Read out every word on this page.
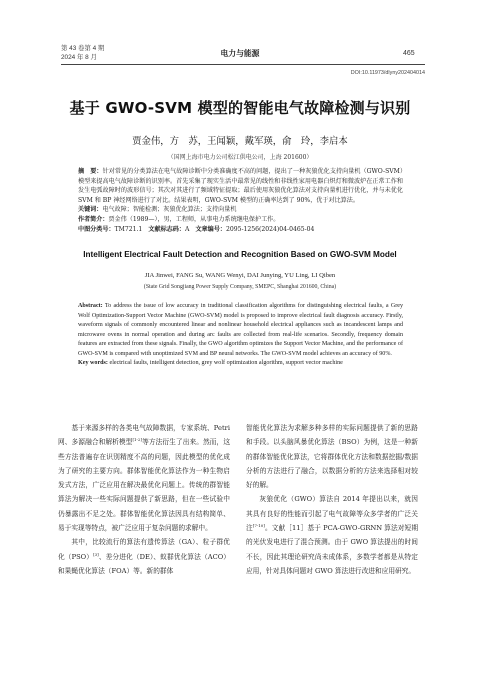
第 43 卷第 4 期
2024 年 8 月	电力与能源	465
DOI:10.11973/dlyny202404014
基于 GWO-SVM 模型的智能电气故障检测与识别
贾金伟，方　苏，王闻颖，戴军瑛，俞　玲，李启本
（国网上海市电力公司松江供电公司，上海 201600）
摘　要：针对常见的分类算法在电气故障诊断中分类准确度不高的问题，提出了一种灰狼优化支持向量机（GWO-SVM）模型来提高电气故障诊断的识别率。首先采集了现实生活中最常见的线性和非线性家用电器白炽灯和微波炉在正常工作和发生电弧故障时的波形信号；其次对其进行了频域特征提取；最后使用灰狼优化算法对支持向量机进行优化，并与未优化 SVM 和 BP 神经网络进行了对比。结果表明，GWO-SVM 模型的正确率达到了 90%，优于对比算法。
关键词：电气故障；智能检测；灰狼优化算法；支持向量机
作者简介：贾金伟（1989—），男，工程师，从事电力系统继电保护工作。
中图分类号：TM721.1  文献标志码：A  文章编号：2095-1256(2024)04-0465-04
Intelligent Electrical Fault Detection and Recognition Based on GWO-SVM Model
JIA Jinwei, FANG Su, WANG Wenyi, DAI Junying, YU Ling, LI Qiben
(State Grid Songjiang Power Supply Company, SMEPC, Shanghai 201600, China)
Abstract: To address the issue of low accuracy in traditional classification algorithms for distinguishing electrical faults, a Grey Wolf Optimization-Support Vector Machine (GWO-SVM) model is proposed to improve electrical fault diagnosis accuracy. Firstly, waveform signals of commonly encountered linear and nonlinear household electrical appliances such as incandescent lamps and microwave ovens in normal operation and during arc faults are collected from real-life scenarios. Secondly, frequency domain features are extracted from these signals. Finally, the GWO algorithm optimizes the Support Vector Machine, and the performance of GWO-SVM is compared with unoptimized SVM and BP neural networks. The GWO-SVM model achieves an accuracy of 90%.
Key words: electrical faults, intelligent detection, grey wolf optimization algorithm, support vector machine

基于来源多样的各类电气故障数据，专家系统、Petri 网、多源融合和解析模型[1-2]等方法衍生了出来。然而，这些方法普遍存在识别精度不高的问题，因此模型的优化成为了研究的主要方向。群体智能优化算法作为一种生物启发式方法，广泛应用在解决最优化问题上。传统的群智能算法为解决一些实际问题提供了新思路，但在一些试验中仍暴露出不足之处。群体智能优化算法因具有结构简单、易于实现等特点，被广泛应用于复杂问题的求解中。

其中，比较流行的算法有遗传算法（GA）、粒子群优化（PSO）[3]、差分进化（DE）、蚁群优化算法（ACO）和果蝇优化算法（FOA）等。新的群体

智能优化算法为求解多种多样的实际问题提供了新的思路和手段。以头脑风暴优化算法（BSO）为例，这是一种新的群体智能优化算法，它将群体优化方法和数据挖掘/数据分析的方法进行了融合，以数据分析的方法来选择相对较好的解。

灰狼优化（GWO）算法自 2014 年提出以来，就因其具有良好的性能而引起了电气故障等众多学者的广泛关注[7-10]。文献［11］基于 PCA-GWO-GRNN 算法对短期的光伏发电进行了混合预测。由于 GWO 算法提出的时间不长，因此其理论研究尚未成体系，多数学者都是从特定应用，针对具体问题对 GWO 算法进行改进和应用研究。
